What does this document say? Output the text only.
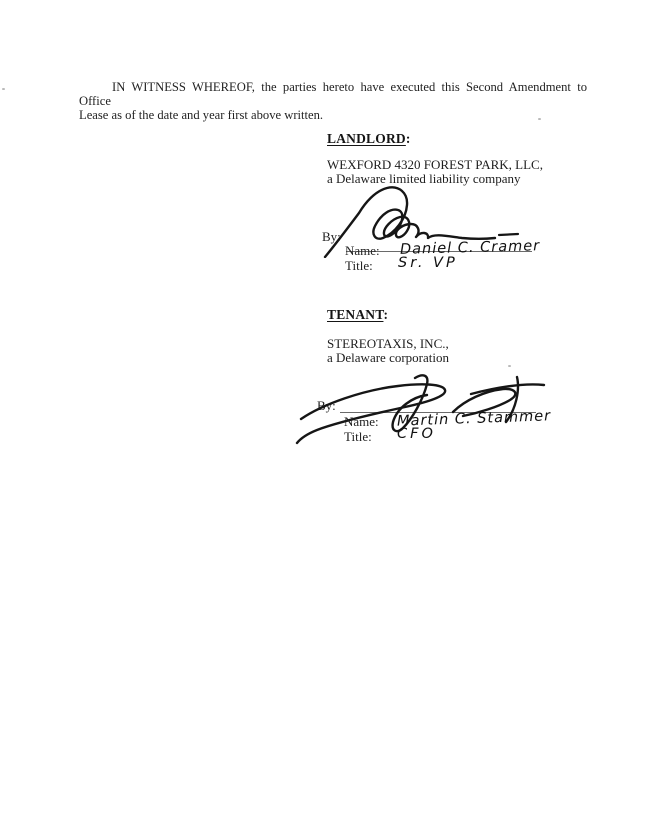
IN WITNESS WHEREOF, the parties hereto have executed this Second Amendment to Office
Lease as of the date and year first above written.
LANDLORD:
WEXFORD 4320 FOREST PARK, LLC,
a Delaware limited liability company
By:
Name: Daniel C. Cramer
Title: Sr. VP
TENANT:
STEREOTAXIS, INC.,
a Delaware corporation
By:
Name: Martin C. Stammer
Title: CFO
